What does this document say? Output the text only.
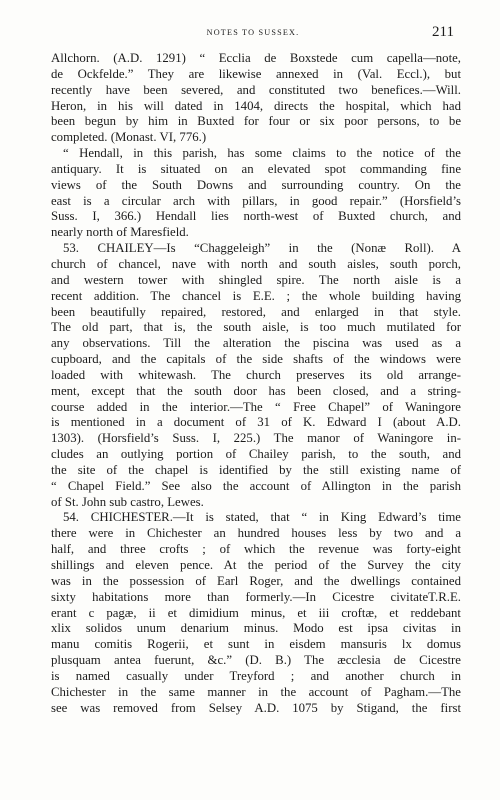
NOTES TO SUSSEX.	211

Allchorn. (A.D. 1291) “ Ecclia de Boxstede cum capella—note,
de Ockfelde.” They are likewise annexed in (Val. Eccl.), but
recently have been severed, and constituted two benefices.—Will.
Heron, in his will dated in 1404, directs the hospital, which had
been begun by him in Buxted for four or six poor persons, to be
completed. (Monast. VI, 776.)

“ Hendall, in this parish, has some claims to the notice of the
antiquary. It is situated on an elevated spot commanding fine
views of the South Downs and surrounding country. On the
east is a circular arch with pillars, in good repair.” (Horsfield’s
Suss. I, 366.) Hendall lies north-west of Buxted church, and
nearly north of Maresfield.

53. CHAILEY—Is “Chaggeleigh” in the (Nonæ Roll). A
church of chancel, nave with north and south aisles, south porch,
and western tower with shingled spire. The north aisle is a
recent addition. The chancel is E.E. ; the whole building having
been beautifully repaired, restored, and enlarged in that style.
The old part, that is, the south aisle, is too much mutilated for
any observations. Till the alteration the piscina was used as a
cupboard, and the capitals of the side shafts of the windows were
loaded with whitewash. The church preserves its old arrange-
ment, except that the south door has been closed, and a string-
course added in the interior.—The “ Free Chapel” of Waningore
is mentioned in a document of 31 of K. Edward I (about A.D.
1303). (Horsfield’s Suss. I, 225.) The manor of Waningore in-
cludes an outlying portion of Chailey parish, to the south, and
the site of the chapel is identified by the still existing name of
“ Chapel Field.” See also the account of Allington in the parish
of St. John sub castro, Lewes.

54. CHICHESTER.—It is stated, that “ in King Edward’s time
there were in Chichester an hundred houses less by two and a
half, and three crofts ; of which the revenue was forty-eight
shillings and eleven pence. At the period of the Survey the city
was in the possession of Earl Roger, and the dwellings contained
sixty habitations more than formerly.—In Cicestre civitateT.R.E.
erant c pagæ, ii et dimidium minus, et iii croftæ, et reddebant
xlix solidos unum denarium minus. Modo est ipsa civitas in
manu comitis Rogerii, et sunt in eisdem mansuris lx domus
plusquam antea fuerunt, &c.” (D. B.) The æcclesia de Cicestre
is named casually under Treyford ; and another church in
Chichester in the same manner in the account of Pagham.—The
see was removed from Selsey A.D. 1075 by Stigand, the first
